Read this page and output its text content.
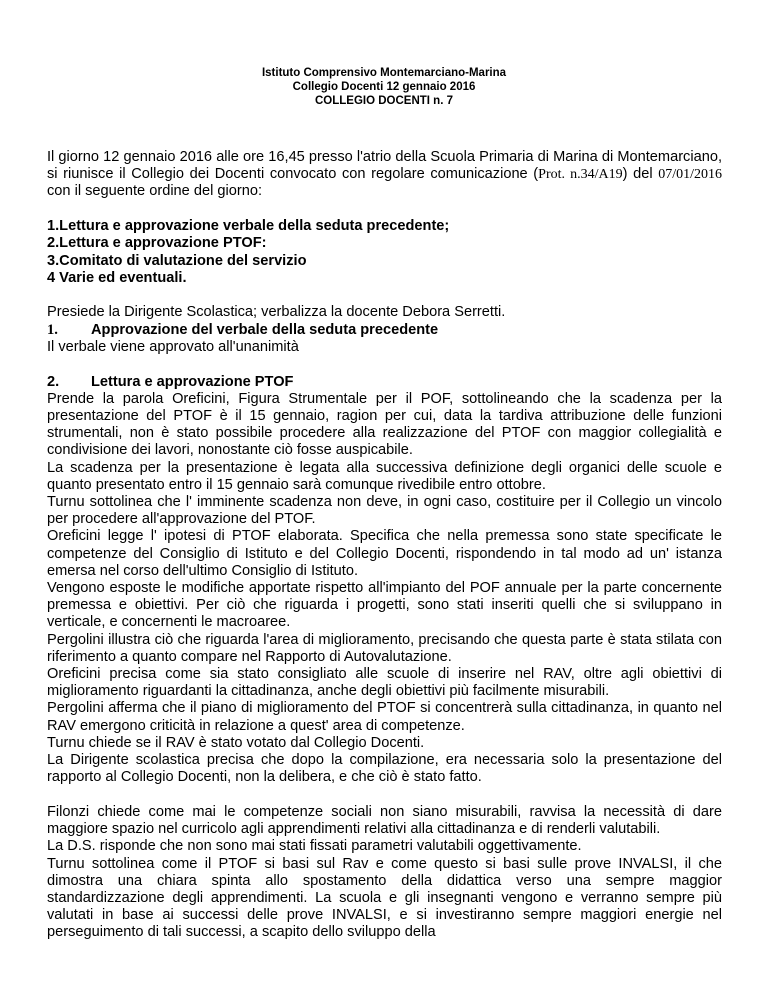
Istituto Comprensivo Montemarciano-Marina
Collegio Docenti 12 gennaio 2016
COLLEGIO DOCENTI n. 7

Il giorno 12 gennaio 2016 alle ore 16,45 presso l'atrio della Scuola Primaria di Marina di Montemarciano, si riunisce il Collegio dei Docenti convocato con regolare comunicazione (Prot. n.34/A19) del 07/01/2016 con il seguente ordine del giorno:

1.Lettura e approvazione verbale della seduta precedente;

2.Lettura e approvazione PTOF:

3.Comitato di valutazione del servizio

4 Varie ed eventuali.

Presiede la Dirigente Scolastica; verbalizza la docente Debora Serretti.

1. Approvazione del verbale della seduta precedente

Il verbale viene approvato all'unanimità

2. Lettura e approvazione PTOF

Prende la parola Oreficini, Figura Strumentale per il POF, sottolineando che la scadenza per la presentazione del PTOF è il 15 gennaio, ragion per cui, data la tardiva attribuzione delle funzioni strumentali, non è stato possibile procedere alla realizzazione del PTOF con maggior collegialità e condivisione dei lavori, nonostante ciò fosse auspicabile.

La scadenza per la presentazione è legata alla successiva definizione degli organici delle scuole e quanto presentato entro il 15 gennaio sarà comunque rivedibile entro ottobre.

Turnu sottolinea che l' imminente scadenza non deve, in ogni caso, costituire per il Collegio un vincolo per procedere all'approvazione del PTOF.

Oreficini legge l' ipotesi di PTOF elaborata. Specifica che nella premessa sono state specificate le competenze del Consiglio di Istituto e del Collegio Docenti, rispondendo in tal modo ad un' istanza emersa nel corso dell'ultimo Consiglio di Istituto.

Vengono esposte le modifiche apportate rispetto all'impianto del POF annuale per la parte concernente premessa e obiettivi. Per ciò che riguarda i progetti, sono stati inseriti quelli che si sviluppano in verticale, e concernenti le macroaree.

Pergolini illustra ciò che riguarda l'area di miglioramento, precisando che questa parte è stata stilata con riferimento a quanto compare nel Rapporto di Autovalutazione.

Oreficini precisa come sia stato consigliato alle scuole di inserire nel RAV, oltre agli obiettivi di miglioramento riguardanti la cittadinanza, anche degli obiettivi più facilmente misurabili.

Pergolini afferma che il piano di miglioramento del PTOF si concentrerà sulla cittadinanza, in quanto nel RAV emergono criticità in relazione a quest' area di competenze.

Turnu chiede se il RAV è stato votato dal Collegio Docenti.

La Dirigente scolastica precisa che dopo la compilazione, era necessaria solo la presentazione del rapporto al Collegio Docenti, non la delibera, e che ciò è stato fatto.

Filonzi chiede come mai le competenze sociali non siano misurabili, ravvisa la necessità di dare maggiore spazio nel curricolo agli apprendimenti relativi alla cittadinanza e di renderli valutabili.

La D.S. risponde che non sono mai stati fissati parametri valutabili oggettivamente.

Turnu sottolinea come il PTOF si basi sul Rav e come questo si basi sulle prove INVALSI, il che dimostra una chiara spinta allo spostamento della didattica verso una sempre maggior standardizzazione degli apprendimenti. La scuola e gli insegnanti vengono e verranno sempre più valutati in base ai successi delle prove INVALSI, e si investiranno sempre maggiori energie nel perseguimento di tali successi, a scapito dello sviluppo della
